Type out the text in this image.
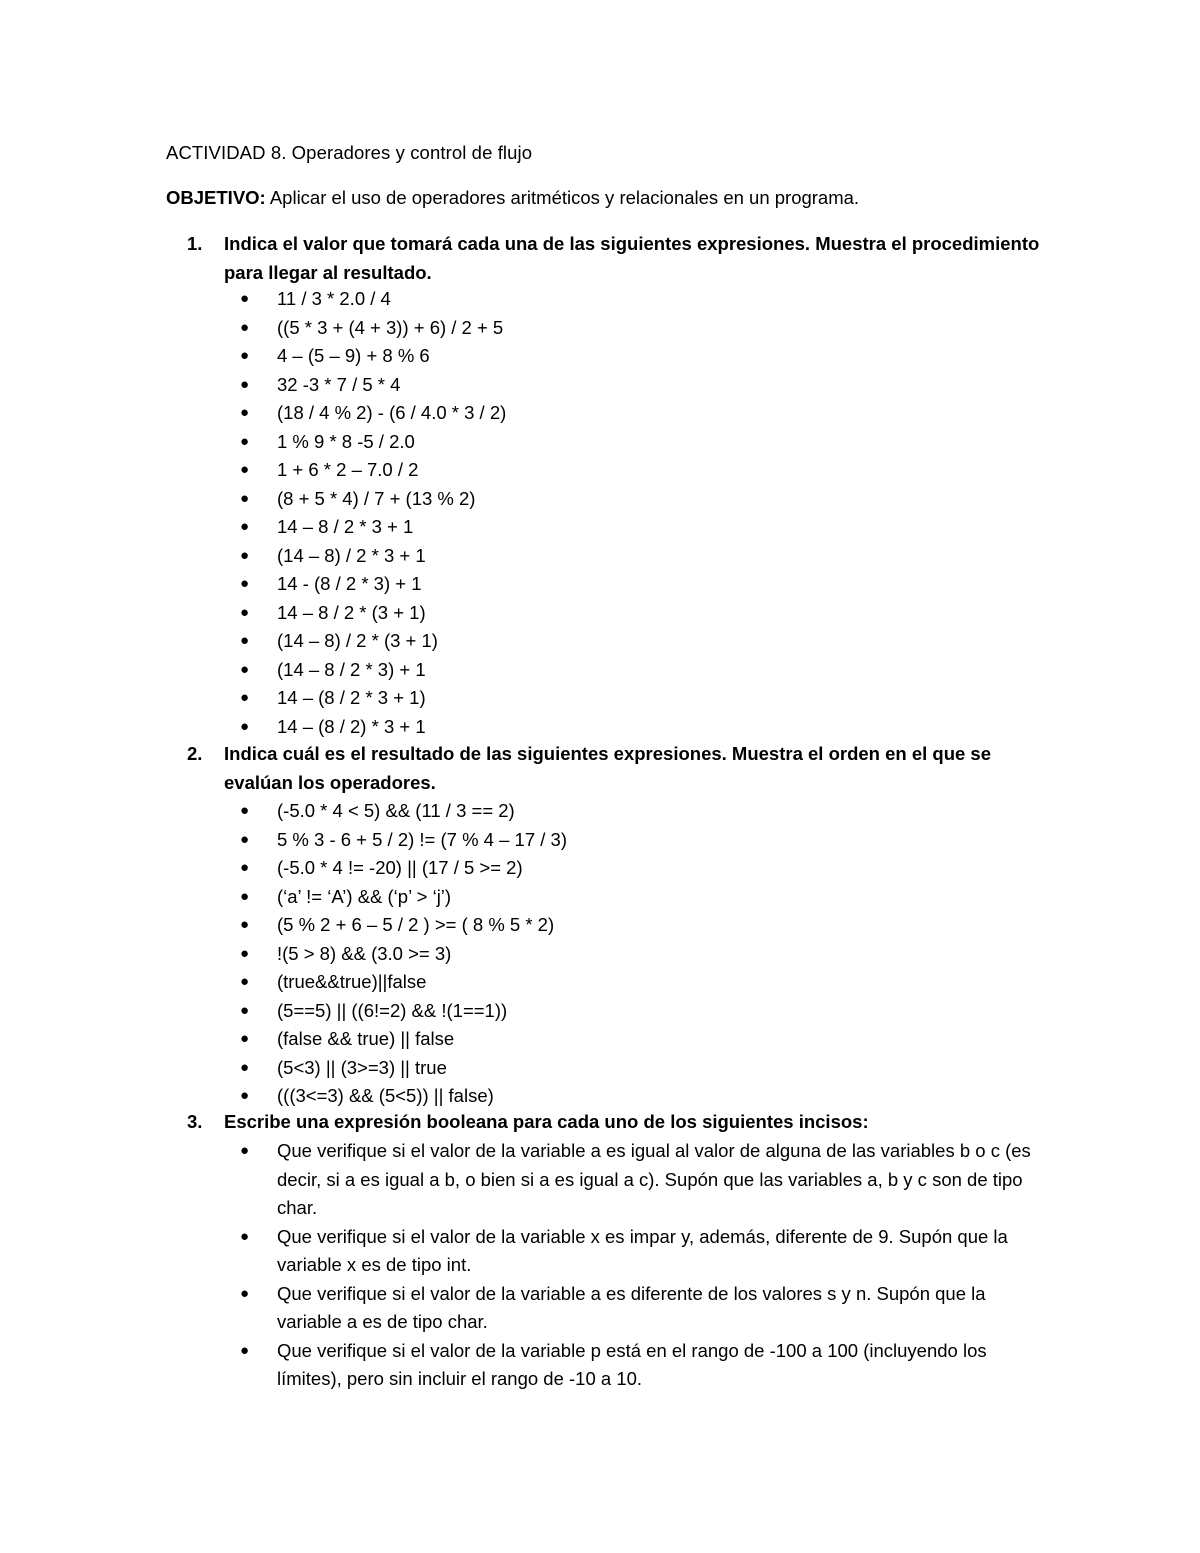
ACTIVIDAD 8. Operadores y control de flujo
OBJETIVO: Aplicar el uso de operadores aritméticos y relacionales en un programa.
1. Indica el valor que tomará cada una de las siguientes expresiones. Muestra el procedimiento para llegar al resultado.
● 11 / 3 * 2.0 / 4
● ((5 * 3 + (4 + 3)) + 6) / 2 + 5
● 4 – (5 – 9) + 8 % 6
● 32 -3 * 7 / 5 * 4
● (18 / 4 % 2) - (6 / 4.0 * 3 / 2)
● 1 % 9 * 8 -5 / 2.0
● 1 + 6 * 2 – 7.0 / 2
● (8 + 5 * 4) / 7 + (13 % 2)
● 14 – 8 / 2 * 3 + 1
● (14 – 8) / 2 * 3 + 1
● 14 - (8 / 2 * 3) + 1
● 14 – 8 / 2 * (3 + 1)
● (14 – 8) / 2 * (3 + 1)
● (14 – 8 / 2 * 3) + 1
● 14 – (8 / 2 * 3 + 1)
● 14 – (8 / 2) * 3 + 1
2. Indica cuál es el resultado de las siguientes expresiones. Muestra el orden en el que se evalúan los operadores.
● (-5.0 * 4 < 5) && (11 / 3 == 2)
● 5 % 3 - 6 + 5 / 2) != (7 % 4 – 17 / 3)
● (-5.0 * 4 != -20) || (17 / 5 >= 2)
● (‘a’ != ‘A’) && (‘p’ > ‘j’)
● (5 % 2 + 6 – 5 / 2 ) >= ( 8 % 5 * 2)
● !(5 > 8) && (3.0 >= 3)
● (true&&true)||false
● (5==5) || ((6!=2) && !(1==1))
● (false && true) || false
● (5<3) || (3>=3) || true
● (((3<=3) && (5<5)) || false)
3. Escribe una expresión booleana para cada uno de los siguientes incisos:
● Que verifique si el valor de la variable a es igual al valor de alguna de las variables b o c (es decir, si a es igual a b, o bien si a es igual a c). Supón que las variables a, b y c son de tipo char.
● Que verifique si el valor de la variable x es impar y, además, diferente de 9. Supón que la variable x es de tipo int.
● Que verifique si el valor de la variable a es diferente de los valores s y n. Supón que la variable a es de tipo char.
● Que verifique si el valor de la variable p está en el rango de -100 a 100 (incluyendo los límites), pero sin incluir el rango de -10 a 10.
